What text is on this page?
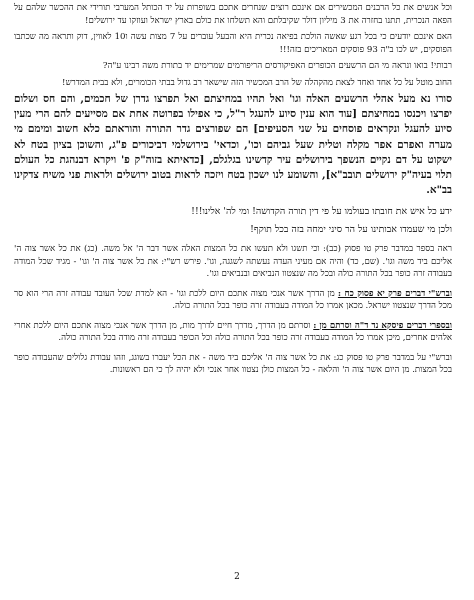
וכל אנשים את כל הרבנים המכשירים אם אינכם רוצים שנחרים אתכם בשופרות על יד הכותל המערבי תורידי את ההכשר שלהם על הפאה הנכרית, תתנו בחזרה את 3 מיליון דולר שקיבלתם והא תשלחו את כולם בארץ ישראל ועוזקו עד ירושלים!

האם אינכם יודעים כי בכל רגע שאשה הולכת בפיאה נכרית היא והבעל עוברים על 7 מצות עשה ו10 לאווין, דוק ותראה מה שכתבו הפוסקים, יש לכו ב"ה 93 פוסקים המאריכים בזה!!!

רבותי! בואו ונראה מי הם הרשעים הכופרים האפיקורסים הריפורמים שמרימים יד בתורת משה רבינו ע"ה?

החוב מוטל על כל אחד ואחד לצאת מהקהלה של הרב המכשיר הזה שישאר רב גדול בבתי הכומרים, ולא בבית המדרש!

סורו נא מעל אהלי הרשעים האלה וגו' ואל תהיו במחיצתם ואל תפרצו גדרן של חכמים, והם חס ושלום יפרצו ויכנסו במחיצתם [עוד הוא ענין סיוע להעגל ר"ל, כי אפילו בפרוטה אחת אם מסייעים להם הרי מעין סיוע להעגל ונקראים פוסחים על שני הסעיפים] הם שפורצים גדר התורה והוראתם כלא חשוב ומימם מי מערה ואפרם אפר מקלה וטלית שעל גביהם וכו', וכדאי' בירושלמי דביכורים פ"ג, והשוכן בציון בטח לא ישקוט על דם נקיים הנשפך בירושלים עיר קדשינו בגלגלם, [כדאיתא בזוה"ק פ' ויקרא דבנהגת כל העולם תלוי בעיה"ק ירושלים תובב"א], והשומע לנו ישכון בטח ויזכה לראות בטוב ירושלים ולראות פני משיח צדקינו בב"א.

ידע כל איש את חובתו בעולמו על פי דין תורה הקדושה! ומי לה' אלינו!!!

ולכן מי שעמדו אבותינו על הר סיני ימחה בזה בכל תוקף!

ראה בספר במדבר פרק טו פסוק (כב): וכי תשגו ולא תעשו את כל המצות האלה אשר דבר ה' אל משה. (כג) את כל אשר צוה ה' אליכם ביד משה וגו'. (שם, כד) והיה אם מעיני העדה נעשתה לשגגה, וגו'. פירש רש"י: את כל אשר צוה ה' וגו' - מגיד שכל המודה בעבודה זרה כופר בכל התורה כולה ובכל מה שנצטוו הנביאים ובנביאים וגו'.

וברש"י דברים פרק יא פסוק כח : מן הדרך אשר אנכי מצוה אתכם היום ללכת וגו' - הא למדת שכל העובד עבודה זרה הרי הוא סר מכל הדרך שנצטוו ישראל. מכאן אמרו כל המודה בעבודה זרה כופר בכל התורה כולה.

ובספרי דברים פיסקא נד ד"ה וסרתם מן : וסרתם מן הדרך, מדרך חיים לדרך מות, מן הדרך אשר אנכי מצוה אתכם היום ללכת אחרי אלהים אחרים, מיכן אמרו כל המודה בעבודה זרה כופר בכל התורה כולה וכל הכופר בעבודה זרה מודה בכל התורה כולה.

וברש"י על במדבר פרק טו פסוק כג: את כל אשר צוה ה' אליכם ביד משה - את הכל יעברו בשוגג, וזהו עבודת גלולים שהעבודה כופר בכל המצות. מן היום אשר צוה ה' והלאה - כל המצות כולן נצטוו אחר אנכי ולא יהיה לך כי הם ראשונות.

2
